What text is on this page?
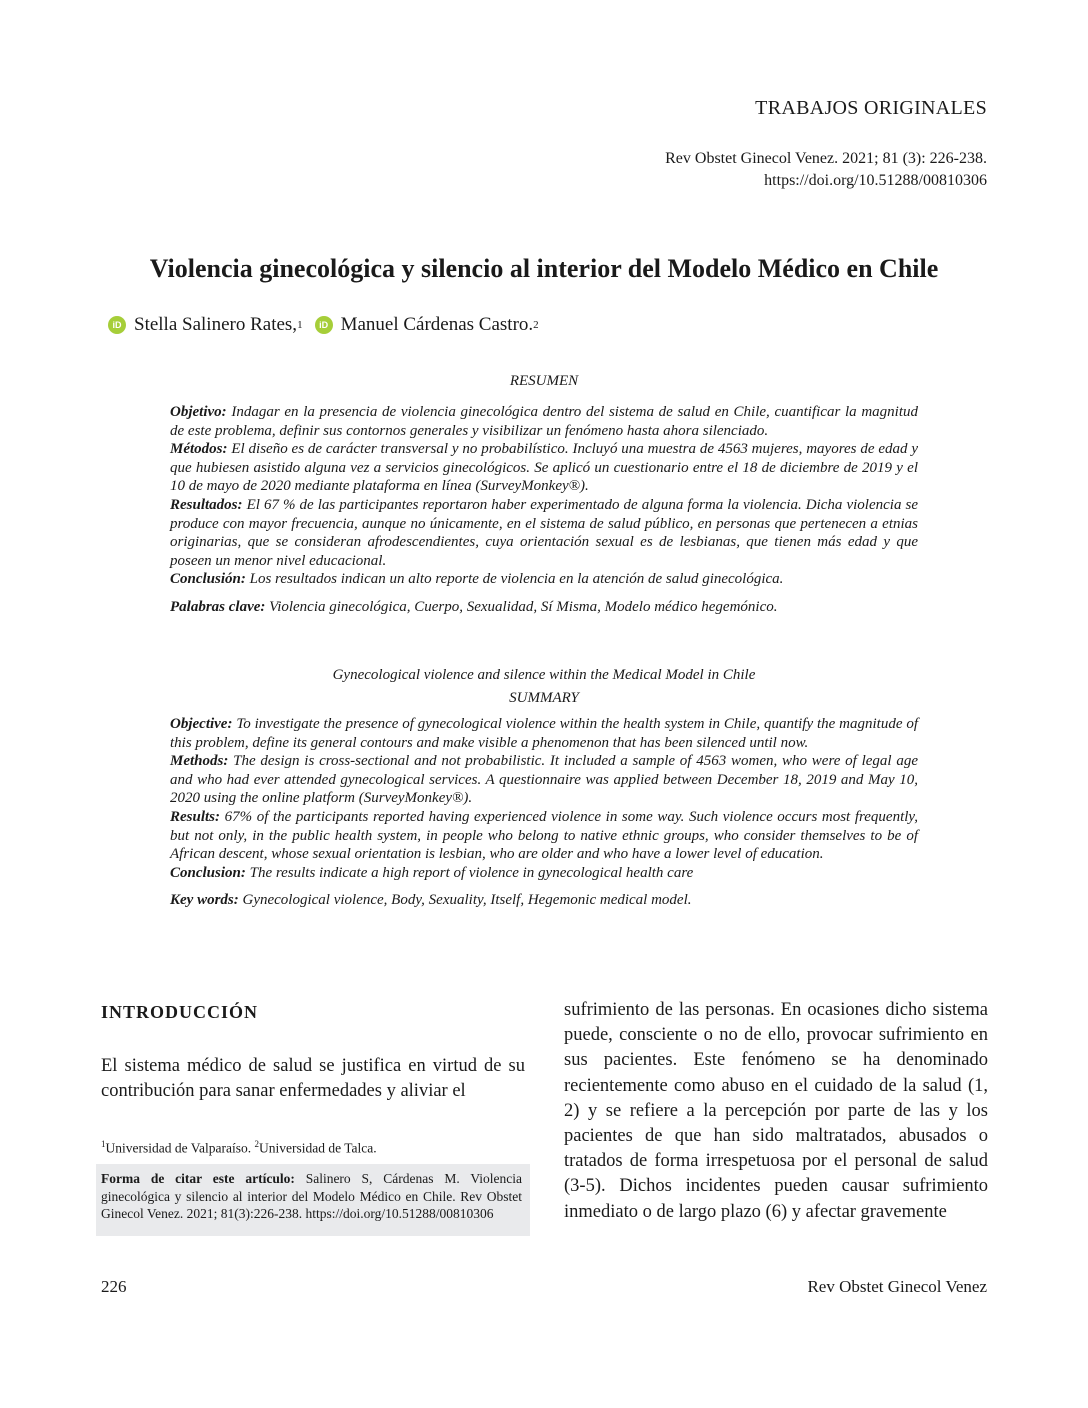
TRABAJOS ORIGINALES
Rev Obstet Ginecol Venez. 2021; 81 (3): 226-238.
https://doi.org/10.51288/00810306
Violencia ginecológica y silencio al interior del Modelo Médico en Chile
iD Stella Salinero Rates, 1	iD Manuel Cárdenas Castro. 2
RESUMEN

Objetivo: Indagar en la presencia de violencia ginecológica dentro del sistema de salud en Chile, cuantificar la magnitud de este problema, definir sus contornos generales y visibilizar un fenómeno hasta ahora silenciado.

Métodos: El diseño es de carácter transversal y no probabilístico. Incluyó una muestra de 4563 mujeres, mayores de edad y que hubiesen asistido alguna vez a servicios ginecológicos. Se aplicó un cuestionario entre el 18 de diciembre de 2019 y el 10 de mayo de 2020 mediante plataforma en línea (SurveyMonkey®).

Resultados: El 67 % de las participantes reportaron haber experimentado de alguna forma la violencia. Dicha violencia se produce con mayor frecuencia, aunque no únicamente, en el sistema de salud público, en personas que pertenecen a etnias originarias, que se consideran afrodescendientes, cuya orientación sexual es de lesbianas, que tienen más edad y que poseen un menor nivel educacional.

Conclusión: Los resultados indican un alto reporte de violencia en la atención de salud ginecológica.

Palabras clave: Violencia ginecológica, Cuerpo, Sexualidad, Sí Misma, Modelo médico hegemónico.

Gynecological violence and silence within the Medical Model in Chile
SUMMARY

Objective: To investigate the presence of gynecological violence within the health system in Chile, quantify the magnitude of this problem, define its general contours and make visible a phenomenon that has been silenced until now.

Methods: The design is cross-sectional and not probabilistic. It included a sample of 4563 women, who were of legal age and who had ever attended gynecological services. A questionnaire was applied between December 18, 2019 and May 10, 2020 using the online platform (SurveyMonkey®).

Results: 67% of the participants reported having experienced violence in some way. Such violence occurs most frequently, but not only, in the public health system, in people who belong to native ethnic groups, who consider themselves to be of African descent, whose sexual orientation is lesbian, who are older and who have a lower level of education.

Conclusion: The results indicate a high report of violence in gynecological health care

Key words: Gynecological violence, Body, Sexuality, Itself, Hegemonic medical model.

INTRODUCCIÓN
El sistema médico de salud se justifica en virtud de su contribución para sanar enfermedades y aliviar el
sufrimiento de las personas. En ocasiones dicho sistema puede, consciente o no de ello, provocar sufrimiento en sus pacientes. Este fenómeno se ha denominado recientemente como abuso en el cuidado de la salud (1, 2) y se refiere a la percepción por parte de las y los pacientes de que han sido maltratados, abusados o tratados de forma irrespetuosa por el personal de salud (3-5). Dichos incidentes pueden causar sufrimiento inmediato o de largo plazo (6) y afectar gravemente
$^1$Universidad de Valparaíso. $^2$Universidad de Talca.
Forma de citar este artículo: Salinero S, Cárdenas M. Violencia ginecológica y silencio al interior del Modelo Médico en Chile. Rev Obstet Ginecol Venez. 2021; 81(3):226-238. https://doi.org/10.51288/00810306
226	Rev Obstet Ginecol Venez
